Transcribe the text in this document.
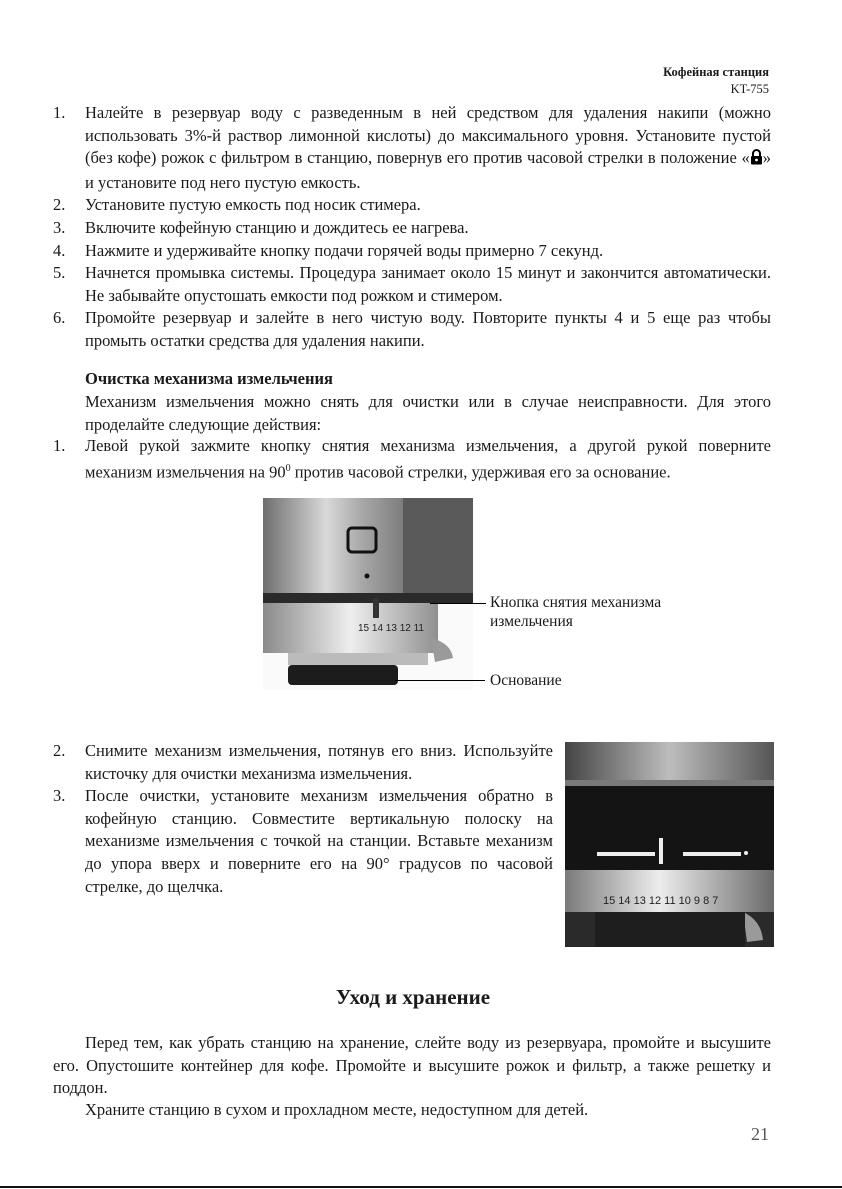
Кофейная станция
KT-755
1. Налейте в резервуар воду с разведенным в ней средством для удаления накипи (можно использовать 3%-й раствор лимонной кислоты) до максимального уровня. Установите пустой (без кофе) рожок с фильтром в станцию, повернув его против часовой стрелки в положение « » и установите под него пустую емкость.
2. Установите пустую емкость под носик стимера.
3. Включите кофейную станцию и дождитесь ее нагрева.
4. Нажмите и удерживайте кнопку подачи горячей воды примерно 7 секунд.
5. Начнется промывка системы. Процедура занимает около 15 минут и закончится автоматически. Не забывайте опустошать емкости под рожком и стимером.
6. Промойте резервуар и залейте в него чистую воду. Повторите пункты 4 и 5 еще раз чтобы промыть остатки средства для удаления накипи.
Очистка механизма измельчения
Механизм измельчения можно снять для очистки или в случае неисправности. Для этого проделайте следующие действия:
1. Левой рукой зажмите кнопку снятия механизма измельчения, а другой рукой поверните механизм измельчения на $90^0$ против часовой стрелки, удерживая его за основание.
15 14 13 12 11
Кнопка снятия механизма измельчения
Основание
2. Снимите механизм измельчения, потянув его вниз. Используйте кисточку для очистки механизма измельчения.
3. После очистки, установите механизм измельчения обратно в кофейную станцию. Совместите вертикальную полоску на механизме измельчения с точкой на станции. Вставьте механизм до упора вверх и поверните его на 90° градусов по часовой стрелке, до щелчка.
15 14 13 12 11 10 9 8 7
Уход и хранение
Перед тем, как убрать станцию на хранение, слейте воду из резервуара, промойте и высушите его. Опустошите контейнер для кофе. Промойте и высушите рожок и фильтр, а также решетку и поддон.
Храните станцию в сухом и прохладном месте, недоступном для детей.
21
